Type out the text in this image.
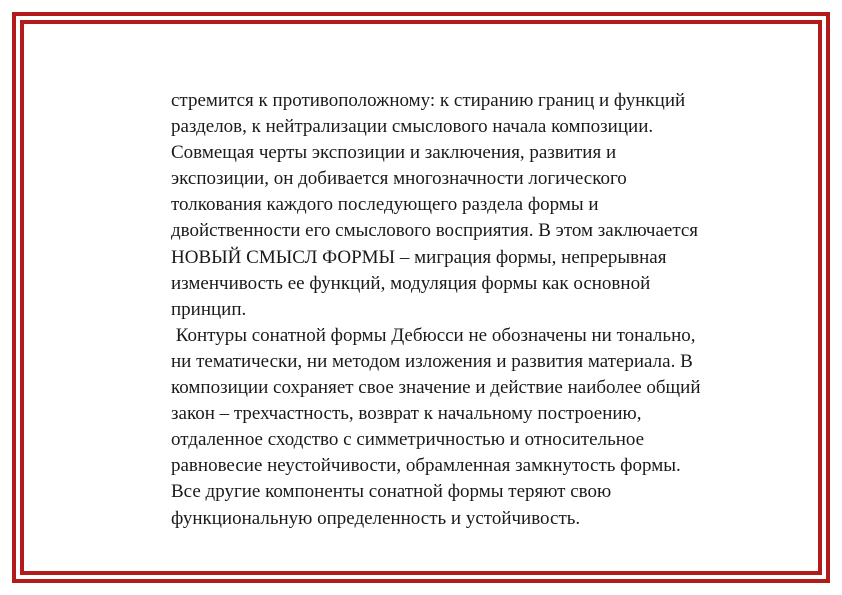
стремится к противоположному: к стиранию границ и функций
разделов, к нейтрализации смыслового начала композиции.
Совмещая черты экспозиции и заключения, развития и
экспозиции, он добивается многозначности логического
толкования каждого последующего раздела формы и
двойственности его смыслового восприятия. В этом заключается
НОВЫЙ СМЫСЛ ФОРМЫ – миграция формы, непрерывная
изменчивость ее функций, модуляция формы как основной
принцип.
Контуры сонатной формы Дебюсси не обозначены ни тонально,
ни тематически, ни методом изложения и развития материала. В
композиции сохраняет свое значение и действие наиболее общий
закон – трехчастность, возврат к начальному построению,
отдаленное сходство с симметричностью и относительное
равновесие неустойчивости, обрамленная замкнутость формы.
Все другие компоненты сонатной формы теряют свою
функциональную определенность и устойчивость.
